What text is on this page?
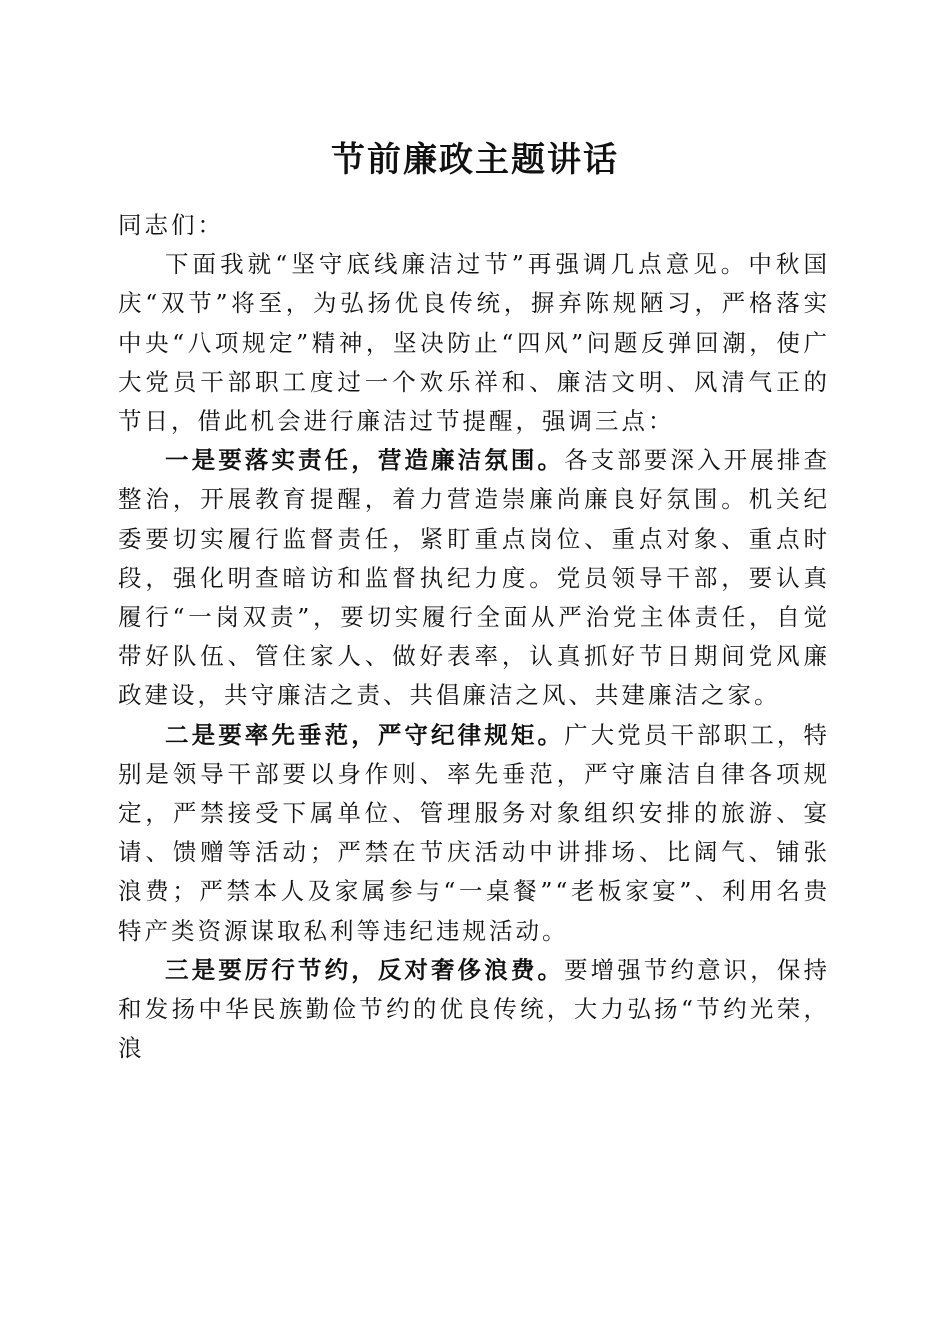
节前廉政主题讲话

同志们：

下面我就“坚守底线廉洁过节”再强调几点意见。中秋国庆“双节”将至，为弘扬优良传统，摒弃陈规陋习，严格落实中央“八项规定”精神，坚决防止“四风”问题反弹回潮，使广大党员干部职工度过一个欢乐祥和、廉洁文明、风清气正的节日，借此机会进行廉洁过节提醒，强调三点：

一是要落实责任，营造廉洁氛围。各支部要深入开展排查整治，开展教育提醒，着力营造崇廉尚廉良好氛围。机关纪委要切实履行监督责任，紧盯重点岗位、重点对象、重点时段，强化明查暗访和监督执纪力度。党员领导干部，要认真履行“一岗双责”，要切实履行全面从严治党主体责任，自觉带好队伍、管住家人、做好表率，认真抓好节日期间党风廉政建设，共守廉洁之责、共倡廉洁之风、共建廉洁之家。

二是要率先垂范，严守纪律规矩。广大党员干部职工，特别是领导干部要以身作则、率先垂范，严守廉洁自律各项规定，严禁接受下属单位、管理服务对象组织安排的旅游、宴请、馈赠等活动；严禁在节庆活动中讲排场、比阔气、铺张浪费；严禁本人及家属参与“一桌餐”“老板家宴”、利用名贵特产类资源谋取私利等违纪违规活动。

三是要厉行节约，反对奢侈浪费。要增强节约意识，保持和发扬中华民族勤俭节约的优良传统，大力弘扬“节约光荣，浪
